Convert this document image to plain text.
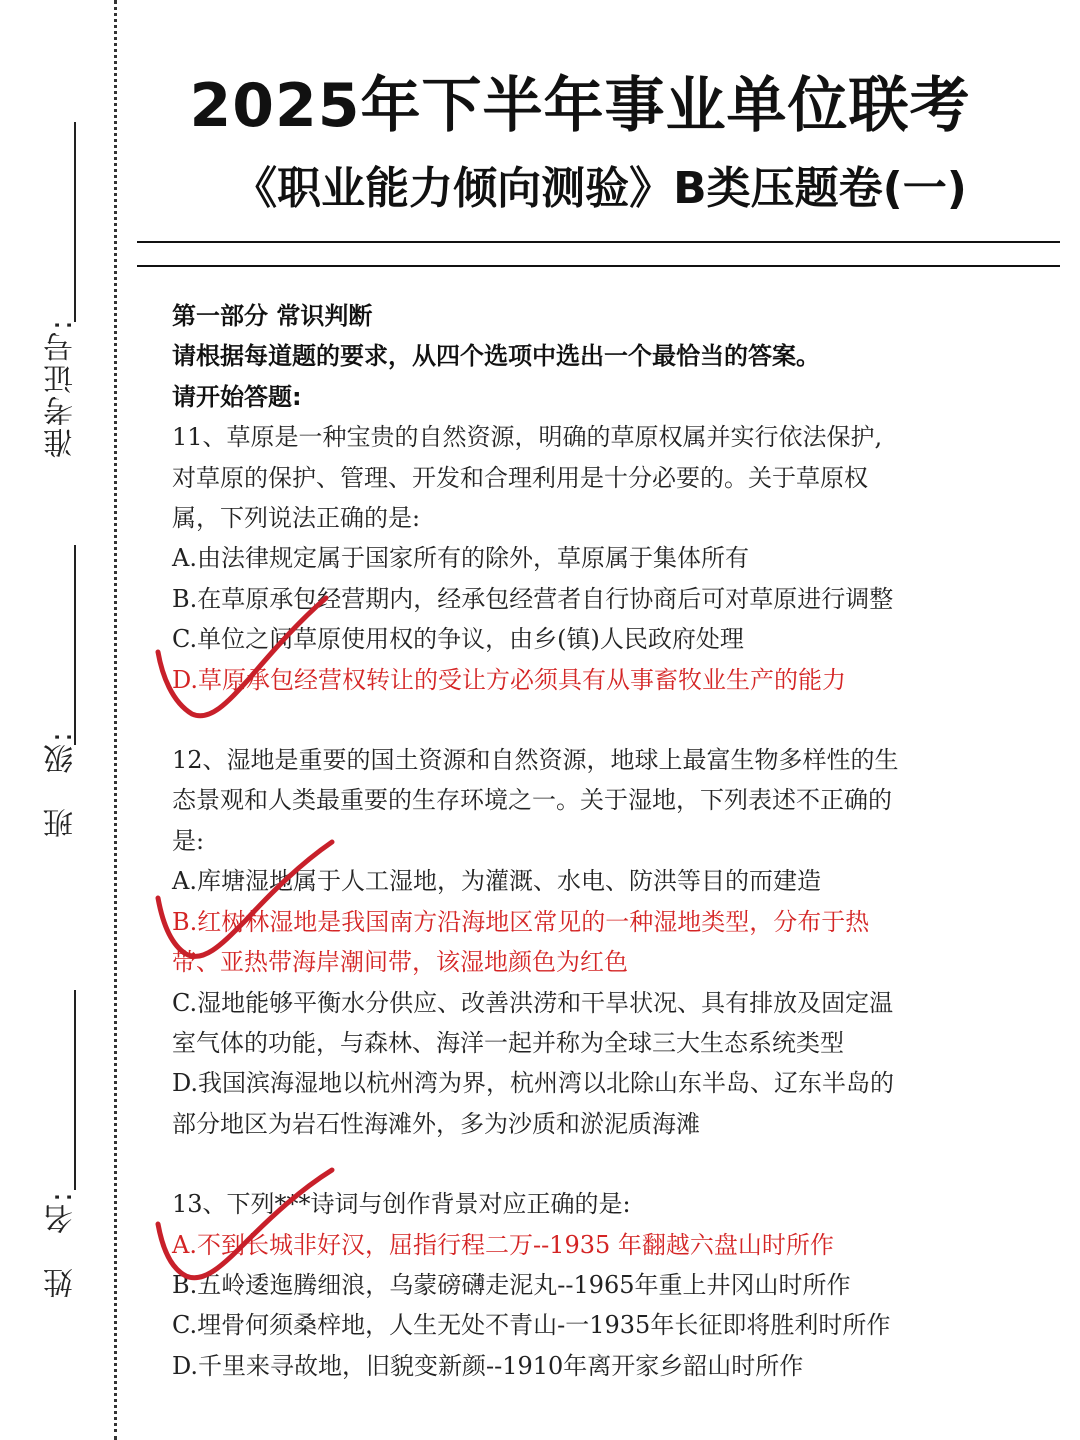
准考证号:
班　级:
姓　名:
2025年下半年事业单位联考
《职业能力倾向测验》B类压题卷(一)
第一部分 常识判断
请根据每道题的要求，从四个选项中选出一个最恰当的答案。
请开始答题:
11、草原是一种宝贵的自然资源，明确的草原权属并实行依法保护,
对草原的保护、管理、开发和合理利用是十分必要的。关于草原权
属，下列说法正确的是:
A.由法律规定属于国家所有的除外，草原属于集体所有
B.在草原承包经营期内，经承包经营者自行协商后可对草原进行调整
C.单位之间草原使用权的争议，由乡(镇)人民政府处理
D.草原承包经营权转让的受让方必须具有从事畜牧业生产的能力
12、湿地是重要的国土资源和自然资源，地球上最富生物多样性的生
态景观和人类最重要的生存环境之一。关于湿地，下列表述不正确的
是:
A.库塘湿地属于人工湿地，为灌溉、水电、防洪等目的而建造
B.红树林湿地是我国南方沿海地区常见的一种湿地类型，分布于热
带、亚热带海岸潮间带，该湿地颜色为红色
C.湿地能够平衡水分供应、改善洪涝和干旱状况、具有排放及固定温
室气体的功能，与森林、海洋一起并称为全球三大生态系统类型
D.我国滨海湿地以杭州湾为界，杭州湾以北除山东半岛、辽东半岛的
部分地区为岩石性海滩外，多为沙质和淤泥质海滩
13、下列***诗词与创作背景对应正确的是:
A.不到长城非好汉，屈指行程二万--1935 年翻越六盘山时所作
B.五岭逶迤腾细浪，乌蒙磅礴走泥丸--1965年重上井冈山时所作
C.埋骨何须桑梓地，人生无处不青山-一1935年长征即将胜利时所作
D.千里来寻故地，旧貌变新颜--1910年离开家乡韶山时所作
